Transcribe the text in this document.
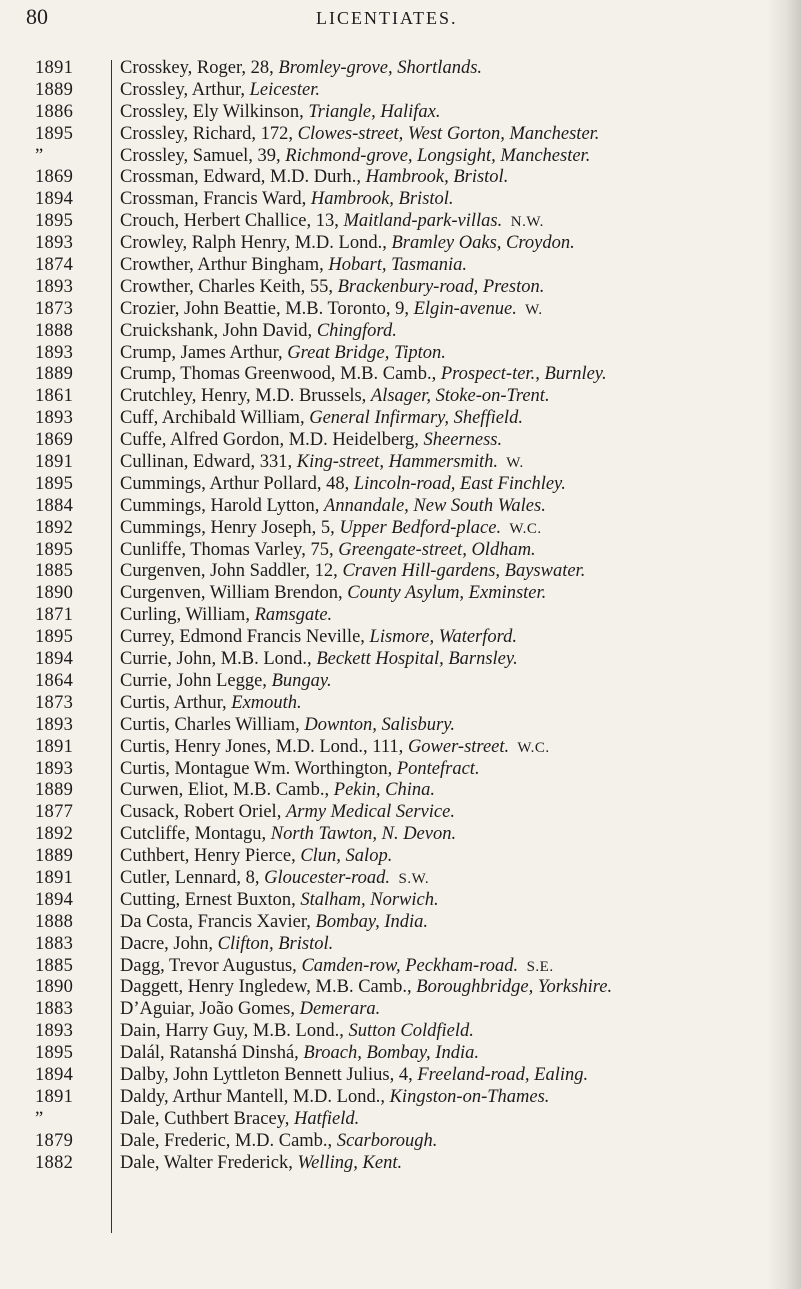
80	LICENTIATES.
1891	Crosskey, Roger, 28, Bromley-grove, Shortlands.
1889	Crossley, Arthur, Leicester.
1886	Crossley, Ely Wilkinson, Triangle, Halifax.
1895	Crossley, Richard, 172, Clowes-street, West Gorton, Manchester.
”	Crossley, Samuel, 39, Richmond-grove, Longsight, Manchester.
1869	Crossman, Edward, M.D. Durh., Hambrook, Bristol.
1894	Crossman, Francis Ward, Hambrook, Bristol.
1895	Crouch, Herbert Challice, 13, Maitland-park-villas.  N.W.
1893	Crowley, Ralph Henry, M.D. Lond., Bramley Oaks, Croydon.
1874	Crowther, Arthur Bingham, Hobart, Tasmania.
1893	Crowther, Charles Keith, 55, Brackenbury-road, Preston.
1873	Crozier, John Beattie, M.B. Toronto, 9, Elgin-avenue.  W.
1888	Cruickshank, John David, Chingford.
1893	Crump, James Arthur, Great Bridge, Tipton.
1889	Crump, Thomas Greenwood, M.B. Camb., Prospect-ter., Burnley.
1861	Crutchley, Henry, M.D. Brussels, Alsager, Stoke-on-Trent.
1893	Cuff, Archibald William, General Infirmary, Sheffield.
1869	Cuffe, Alfred Gordon, M.D. Heidelberg, Sheerness.
1891	Cullinan, Edward, 331, King-street, Hammersmith.  W.
1895	Cummings, Arthur Pollard, 48, Lincoln-road, East Finchley.
1884	Cummings, Harold Lytton, Annandale, New South Wales.
1892	Cummings, Henry Joseph, 5, Upper Bedford-place.  W.C.
1895	Cunliffe, Thomas Varley, 75, Greengate-street, Oldham.
1885	Curgenven, John Saddler, 12, Craven Hill-gardens, Bayswater.
1890	Curgenven, William Brendon, County Asylum, Exminster.
1871	Curling, William, Ramsgate.
1895	Currey, Edmond Francis Neville, Lismore, Waterford.
1894	Currie, John, M.B. Lond., Beckett Hospital, Barnsley.
1864	Currie, John Legge, Bungay.
1873	Curtis, Arthur, Exmouth.
1893	Curtis, Charles William, Downton, Salisbury.
1891	Curtis, Henry Jones, M.D. Lond., 111, Gower-street.  W.C.
1893	Curtis, Montague Wm. Worthington, Pontefract.
1889	Curwen, Eliot, M.B. Camb., Pekin, China.
1877	Cusack, Robert Oriel, Army Medical Service.
1892	Cutcliffe, Montagu, North Tawton, N. Devon.
1889	Cuthbert, Henry Pierce, Clun, Salop.
1891	Cutler, Lennard, 8, Gloucester-road.  S.W.
1894	Cutting, Ernest Buxton, Stalham, Norwich.
1888	Da Costa, Francis Xavier, Bombay, India.
1883	Dacre, John, Clifton, Bristol.
1885	Dagg, Trevor Augustus, Camden-row, Peckham-road.  S.E.
1890	Daggett, Henry Ingledew, M.B. Camb., Boroughbridge, Yorkshire.
1883	D’Aguiar, João Gomes, Demerara.
1893	Dain, Harry Guy, M.B. Lond., Sutton Coldfield.
1895	Dalál, Ratanshá Dinshá, Broach, Bombay, India.
1894	Dalby, John Lyttleton Bennett Julius, 4, Freeland-road, Ealing.
1891	Daldy, Arthur Mantell, M.D. Lond., Kingston-on-Thames.
”	Dale, Cuthbert Bracey, Hatfield.
1879	Dale, Frederic, M.D. Camb., Scarborough.
1882	Dale, Walter Frederick, Welling, Kent.
